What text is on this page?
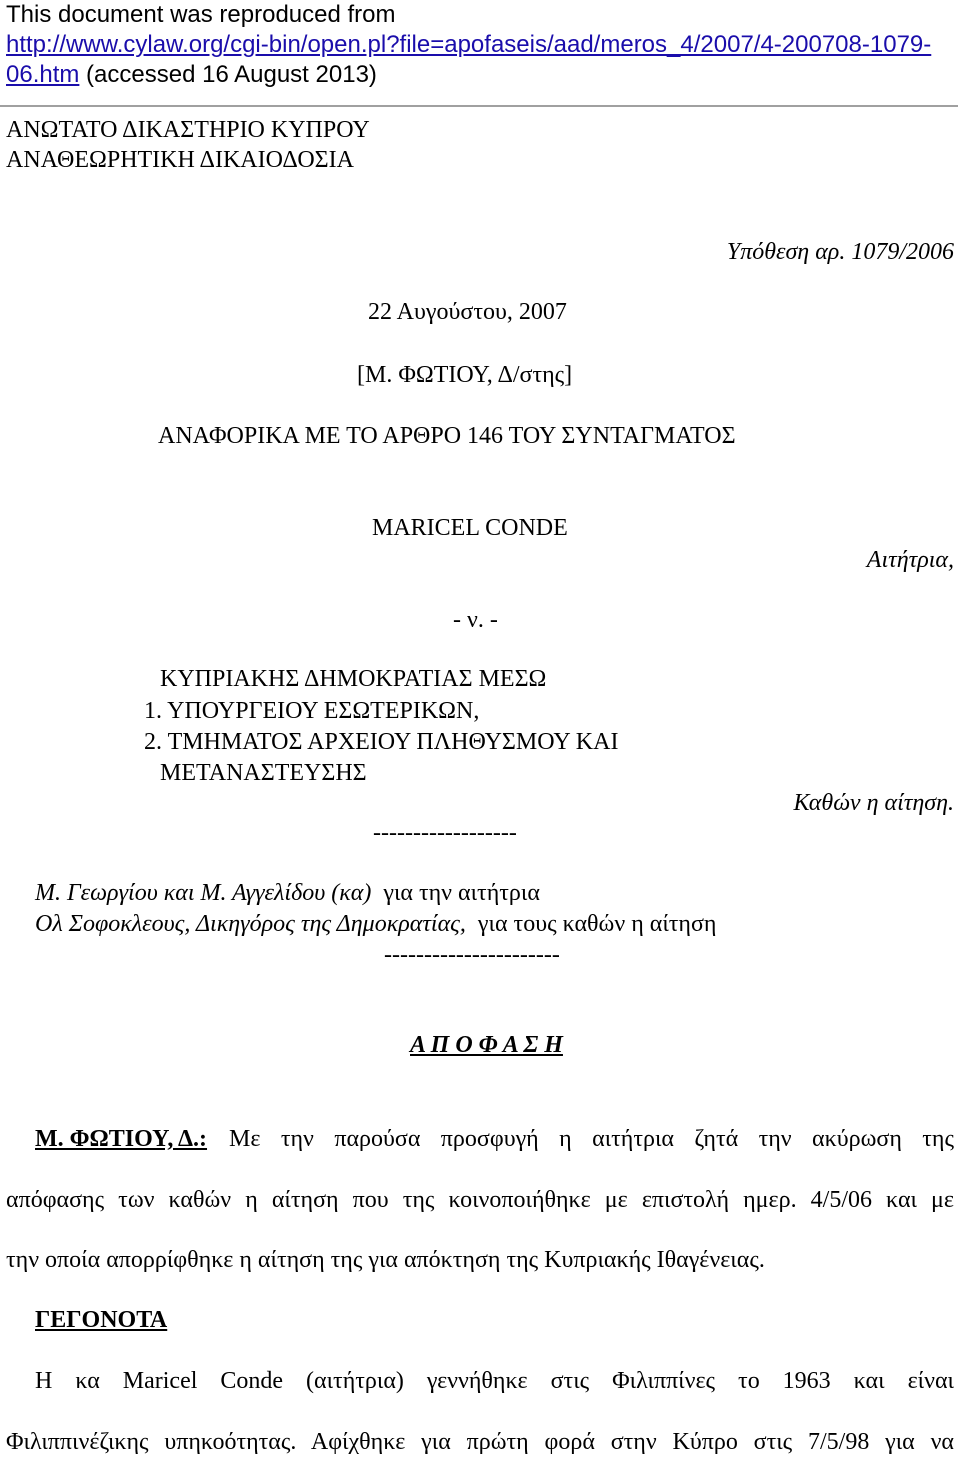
This document was reproduced from
http://www.cylaw.org/cgi-bin/open.pl?file=apofaseis/aad/meros_4/2007/4-200708-1079-
06.htm (accessed 16 August 2013)
ΑΝΩΤΑΤΟ ΔΙΚΑΣΤΗΡΙΟ ΚΥΠΡΟΥ
ΑΝΑΘΕΩΡΗΤΙΚΗ ΔΙΚΑΙΟΔΟΣΙΑ
Υπόθεση αρ. 1079/2006
22 Αυγούστου, 2007
[Μ. ΦΩΤΙΟΥ, Δ/στης]
ΑΝΑΦΟΡΙΚΑ ΜΕ ΤΟ ΑΡΘΡΟ 146 ΤΟΥ ΣΥΝΤΑΓΜΑΤΟΣ
MARICEL CONDE
Αιτήτρια,
- ν. -
ΚΥΠΡΙΑΚΗΣ ΔΗΜΟΚΡΑΤΙΑΣ ΜΕΣΩ
1. ΥΠΟΥΡΓΕΙΟΥ ΕΣΩΤΕΡΙΚΩΝ,
2. ΤΜΗΜΑΤΟΣ ΑΡΧΕΙΟΥ ΠΛΗΘΥΣΜΟΥ ΚΑΙ
ΜΕΤΑΝΑΣΤΕΥΣΗΣ
Καθών η αίτηση.
------------------
Μ. Γεωργίου και Μ. Αγγελίδου (κα) για την αιτήτρια
Ολ Σοφοκλεους, Δικηγόρος της Δημοκρατίας, για τους καθών η αίτηση
----------------------
Α Π Ο Φ Α Σ Η
Μ. ΦΩΤΙΟΥ, Δ.: Με την παρούσα προσφυγή η αιτήτρια ζητά την ακύρωση της
απόφασης των καθών η αίτηση που της κοινοποιήθηκε με επιστολή ημερ. 4/5/06 και με
την οποία απορρίφθηκε η αίτηση της για απόκτηση της Κυπριακής Ιθαγένειας.
ΓΕΓΟΝΟΤΑ
Η κα Maricel Conde (αιτήτρια) γεννήθηκε στις Φιλιππίνες το 1963 και είναι
Φιλιππινέζικης υπηκοότητας. Αφίχθηκε για πρώτη φορά στην Κύπρο στις 7/5/98 για να
